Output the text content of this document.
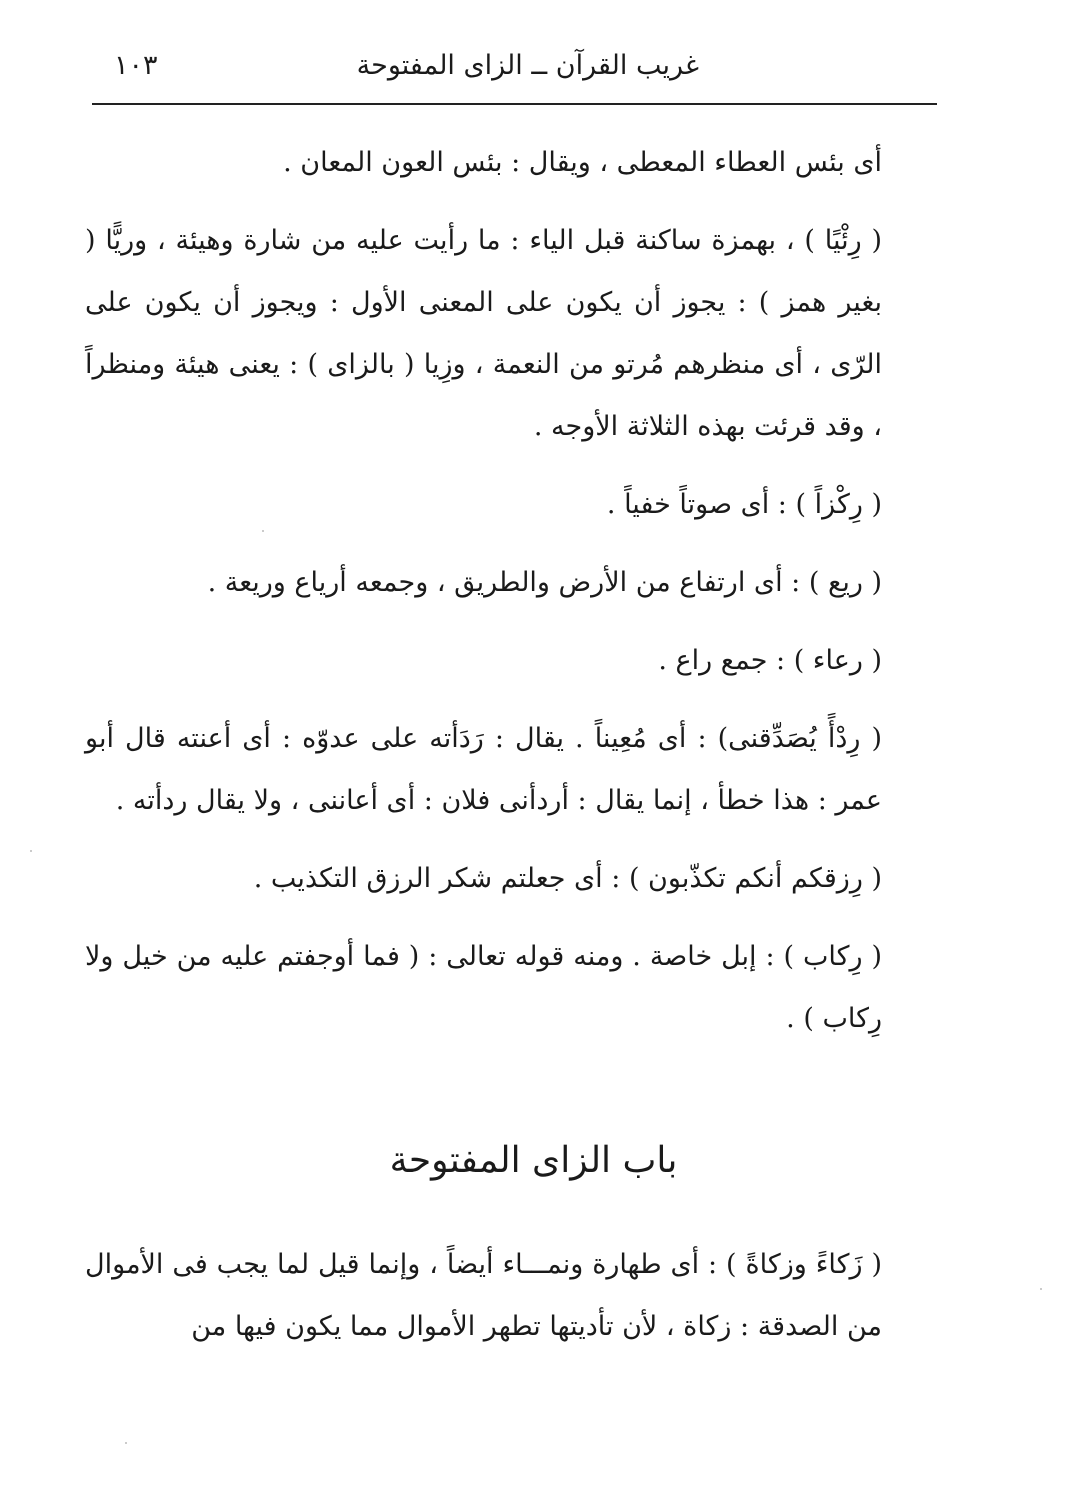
غريب القرآن ــ الزاى المفتوحة
١٠٣

أى بئس العطاء المعطى ، ويقال : بئس العون المعان .

( رِئْيًا ) ، بهمزة ساكنة قبل الياء : ما رأيت عليه من شارة وهيئة ، وريًّا ( بغير همز ) : يجوز أن يكون على المعنى الأول : ويجوز أن يكون على الرّى ، أى منظرهم مُرتو من النعمة ، وزِيا ( بالزاى ) : يعنى هيئة ومنظراً ، وقد قرئت بهذه الثلاثة الأوجه .

( رِكْزاً ) : أى صوتاً خفياً .

( ريع ) : أى ارتفاع من الأرض والطريق ، وجمعه أرياع وريعة .

( رعاء ) : جمع راع .

( رِدْأً يُصَدِّقنى) : أى مُعِيناً . يقال : رَدَأته على عدوّه : أى أعنته قال أبو عمر : هذا خطأ ، إنما يقال : أردأنى فلان : أى أعاننى ، ولا يقال ردأته .

( رِزقكم أنكم تكذّبون ) : أى جعلتم شكر الرزق التكذيب .

( رِكاب ) : إبل خاصة . ومنه قوله تعالى : ( فما أوجفتم عليه من خيل ولا رِكاب ) .

باب الزاى المفتوحة

( زَكاءً وزكاةً ) : أى طهارة ونمـــاء أيضاً ، وإنما قيل لما يجب فى الأموال من الصدقة : زكاة ، لأن تأديتها تطهر الأموال مما يكون فيها من
